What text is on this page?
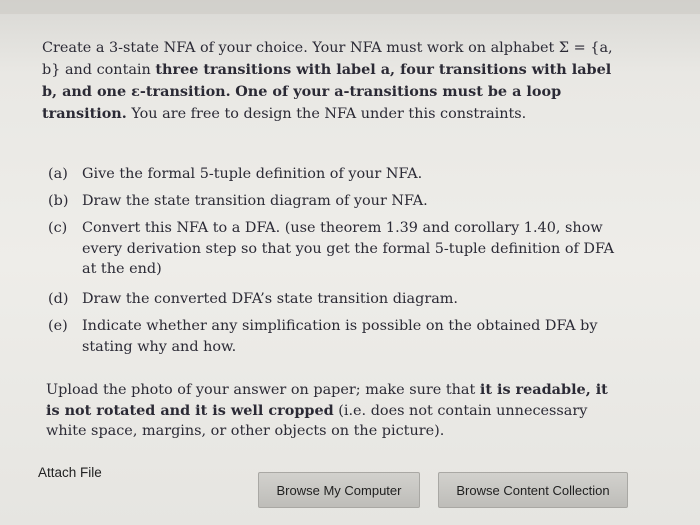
Create a 3-state NFA of your choice. Your NFA must work on alphabet Σ = {a, b} and contain three transitions with label a, four transitions with label b, and one ε-transition. One of your a-transitions must be a loop transition. You are free to design the NFA under this constraints.
(a) Give the formal 5-tuple definition of your NFA.
(b) Draw the state transition diagram of your NFA.
(c)	Convert this NFA to a DFA. (use theorem 1.39 and corollary 1.40, show every derivation step so that you get the formal 5-tuple definition of DFA at the end)
(d) Draw the converted DFA’s state transition diagram.
(e) Indicate whether any simplification is possible on the obtained DFA by stating why and how.
Upload the photo of your answer on paper; make sure that it is readable, it is not rotated and it is well cropped (i.e. does not contain unnecessary white space, margins, or other objects on the picture).
Attach File
Browse My Computer	Browse Content Collection
